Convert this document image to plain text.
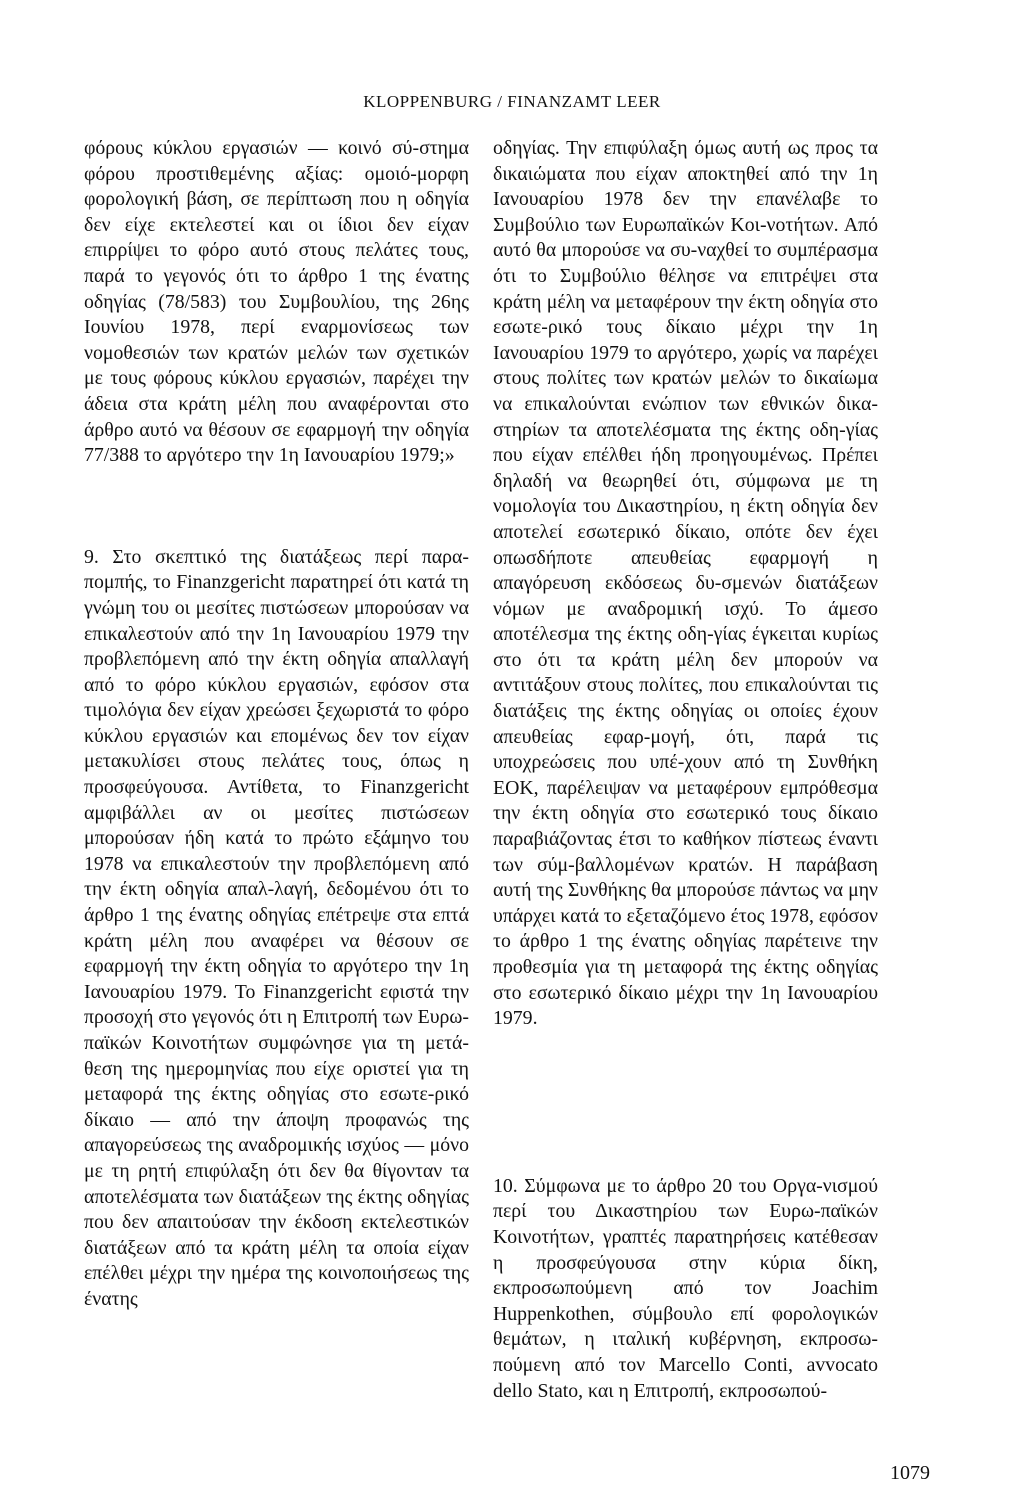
KLOPPENBURG / FINANZAMT LEER

φόρους κύκλου εργασιών — κοινό σύ-στημα φόρου προστιθεμένης αξίας: ομοιό-μορφη φορολογική βάση, σε περίπτωση που η οδηγία δεν είχε εκτελεστεί και οι ίδιοι δεν είχαν επιρρίψει το φόρο αυτό στους πελάτες τους, παρά το γεγονός ότι το άρθρο 1 της ένατης οδηγίας (78/583) του Συμβουλίου, της 26ης Ιουνίου 1978, περί εναρμονίσεως των νομοθεσιών των κρατών μελών των σχετικών με τους φόρους κύκλου εργασιών, παρέχει την άδεια στα κράτη μέλη που αναφέρονται στο άρθρο αυτό να θέσουν σε εφαρμογή την οδηγία 77/388 το αργότερο την 1η Ιανουαρίου 1979;»

9. Στο σκεπτικό της διατάξεως περί παρα-πομπής, το Finanzgericht παρατηρεί ότι κατά τη γνώμη του οι μεσίτες πιστώσεων μπορούσαν να επικαλεστούν από την 1η Ιανουαρίου 1979 την προβλεπόμενη από την έκτη οδηγία απαλλαγή από το φόρο κύκλου εργασιών, εφόσον στα τιμολόγια δεν είχαν χρεώσει ξεχωριστά το φόρο κύκλου εργασιών και επομένως δεν τον είχαν μετακυλίσει στους πελάτες τους, όπως η προσφεύγουσα. Αντίθετα, το Finanzgericht αμφιβάλλει αν οι μεσίτες πιστώσεων μπορούσαν ήδη κατά το πρώτο εξάμηνο του 1978 να επικαλεστούν την προβλεπόμενη από την έκτη οδηγία απαλ-λαγή, δεδομένου ότι το άρθρο 1 της ένατης οδηγίας επέτρεψε στα επτά κράτη μέλη που αναφέρει να θέσουν σε εφαρμογή την έκτη οδηγία το αργότερο την 1η Ιανουαρίου 1979. Το Finanzgericht εφιστά την προσοχή στο γεγονός ότι η Επιτροπή των Ευρω-παϊκών Κοινοτήτων συμφώνησε για τη μετά-θεση της ημερομηνίας που είχε οριστεί για τη μεταφορά της έκτης οδηγίας στο εσωτε-ρικό δίκαιο — από την άποψη προφανώς της απαγορεύσεως της αναδρομικής ισχύος — μόνο με τη ρητή επιφύλαξη ότι δεν θα θίγονταν τα αποτελέσματα των διατάξεων της έκτης οδηγίας που δεν απαιτούσαν την έκδοση εκτελεστικών διατάξεων από τα κράτη μέλη τα οποία είχαν επέλθει μέχρι την ημέρα της κοινοποιήσεως της ένατης

οδηγίας. Την επιφύλαξη όμως αυτή ως προς τα δικαιώματα που είχαν αποκτηθεί από την 1η Ιανουαρίου 1978 δεν την επανέλαβε το Συμβούλιο των Ευρωπαϊκών Κοι-νοτήτων. Από αυτό θα μπορούσε να συ-ναχθεί το συμπέρασμα ότι το Συμβούλιο θέλησε να επιτρέψει στα κράτη μέλη να μεταφέρουν την έκτη οδηγία στο εσωτε-ρικό τους δίκαιο μέχρι την 1η Ιανουαρίου 1979 το αργότερο, χωρίς να παρέχει στους πολίτες των κρατών μελών το δικαίωμα να επικαλούνται ενώπιον των εθνικών δικα-στηρίων τα αποτελέσματα της έκτης οδη-γίας που είχαν επέλθει ήδη προηγουμένως. Πρέπει δηλαδή να θεωρηθεί ότι, σύμφωνα με τη νομολογία του Δικαστηρίου, η έκτη οδηγία δεν αποτελεί εσωτερικό δίκαιο, οπότε δεν έχει οπωσδήποτε απευθείας εφαρμογή η απαγόρευση εκδόσεως δυ-σμενών διατάξεων νόμων με αναδρομική ισχύ. Το άμεσο αποτέλεσμα της έκτης οδη-γίας έγκειται κυρίως στο ότι τα κράτη μέλη δεν μπορούν να αντιτάξουν στους πολίτες, που επικαλούνται τις διατάξεις της έκτης οδηγίας οι οποίες έχουν απευθείας εφαρ-μογή, ότι, παρά τις υποχρεώσεις που υπέ-χουν από τη Συνθήκη ΕΟΚ, παρέλειψαν να μεταφέρουν εμπρόθεσμα την έκτη οδηγία στο εσωτερικό τους δίκαιο παραβιάζοντας έτσι το καθήκον πίστεως έναντι των σύμ-βαλλομένων κρατών. Η παράβαση αυτή της Συνθήκης θα μπορούσε πάντως να μην υπάρχει κατά το εξεταζόμενο έτος 1978, εφόσον το άρθρο 1 της ένατης οδηγίας παρέτεινε την προθεσμία για τη μεταφορά της έκτης οδηγίας στο εσωτερικό δίκαιο μέχρι την 1η Ιανουαρίου 1979.

10. Σύμφωνα με το άρθρο 20 του Οργα-νισμού περί του Δικαστηρίου των Ευρω-παϊκών Κοινοτήτων, γραπτές παρατηρήσεις κατέθεσαν η προσφεύγουσα στην κύρια δίκη, εκπροσωπούμενη από τον Joachim Huppenkothen, σύμβουλο επί φορολογικών θεμάτων, η ιταλική κυβέρνηση, εκπροσω-πούμενη από τον Marcello Conti, avvocato dello Stato, και η Επιτροπή, εκπροσωπού-

1079
